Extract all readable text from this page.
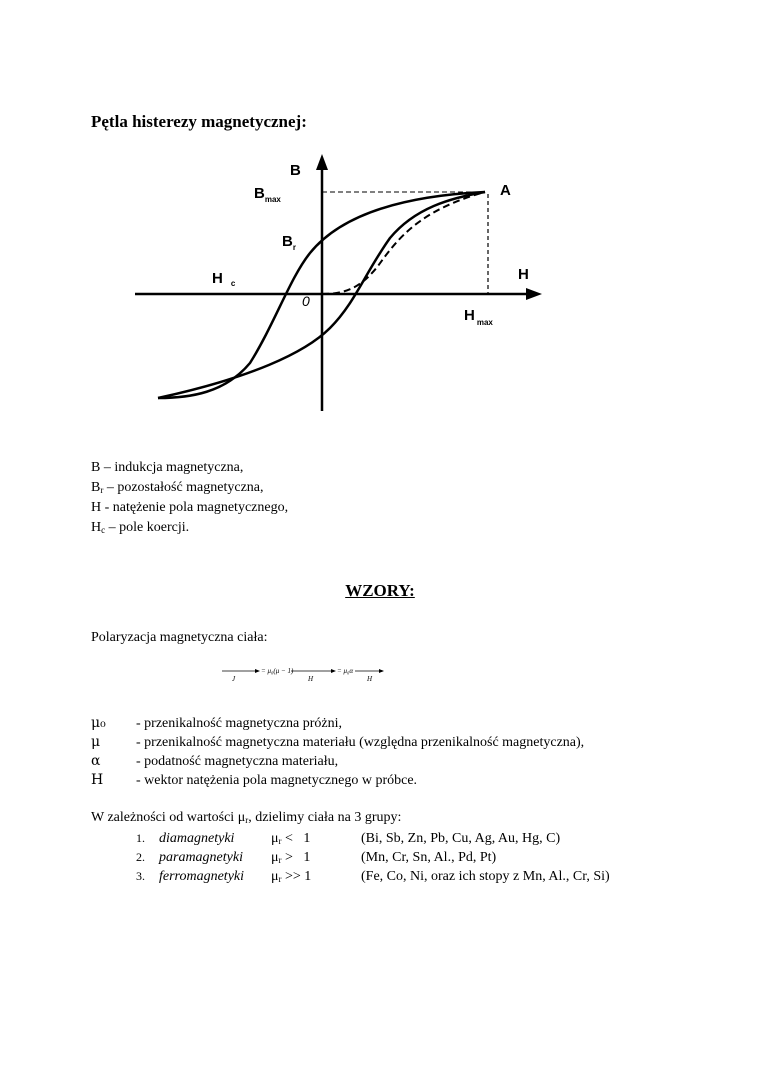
Pętla histerezy magnetycznej:
B
$B_{max}$
$B_r$
H $_c$
H
0
A
H $_{max}$
B – indukcja magnetyczna,
$B_r$ – pozostałość magnetyczna,
H - natężenie pola magnetycznego,
$H_c$ – pole koercji.
WZORY:
Polaryzacja magnetyczna ciała:
J
= μ₀(μ − 1)
H
= μ₀α
H
μ₀	- przenikalność magnetyczna próżni,
μ	- przenikalność magnetyczna materiału (względna przenikalność magnetyczna),
α	- podatność magnetyczna materiału,
H	- wektor natężenia pola magnetycznego w próbce.
W zależności od wartości $\mu_r$, dzielimy ciała na 3 grupy:
1. diamagnetyki	$\mu_r < 1$	(Bi, Sb, Zn, Pb, Cu, Ag, Au, Hg, C)
2. paramagnetyki $\mu_r > 1$	(Mn, Cr, Sn, Al., Pd, Pt)
3. ferromagnetyki $\mu_r >> 1$	(Fe, Co, Ni, oraz ich stopy z Mn, Al., Cr, Si)
